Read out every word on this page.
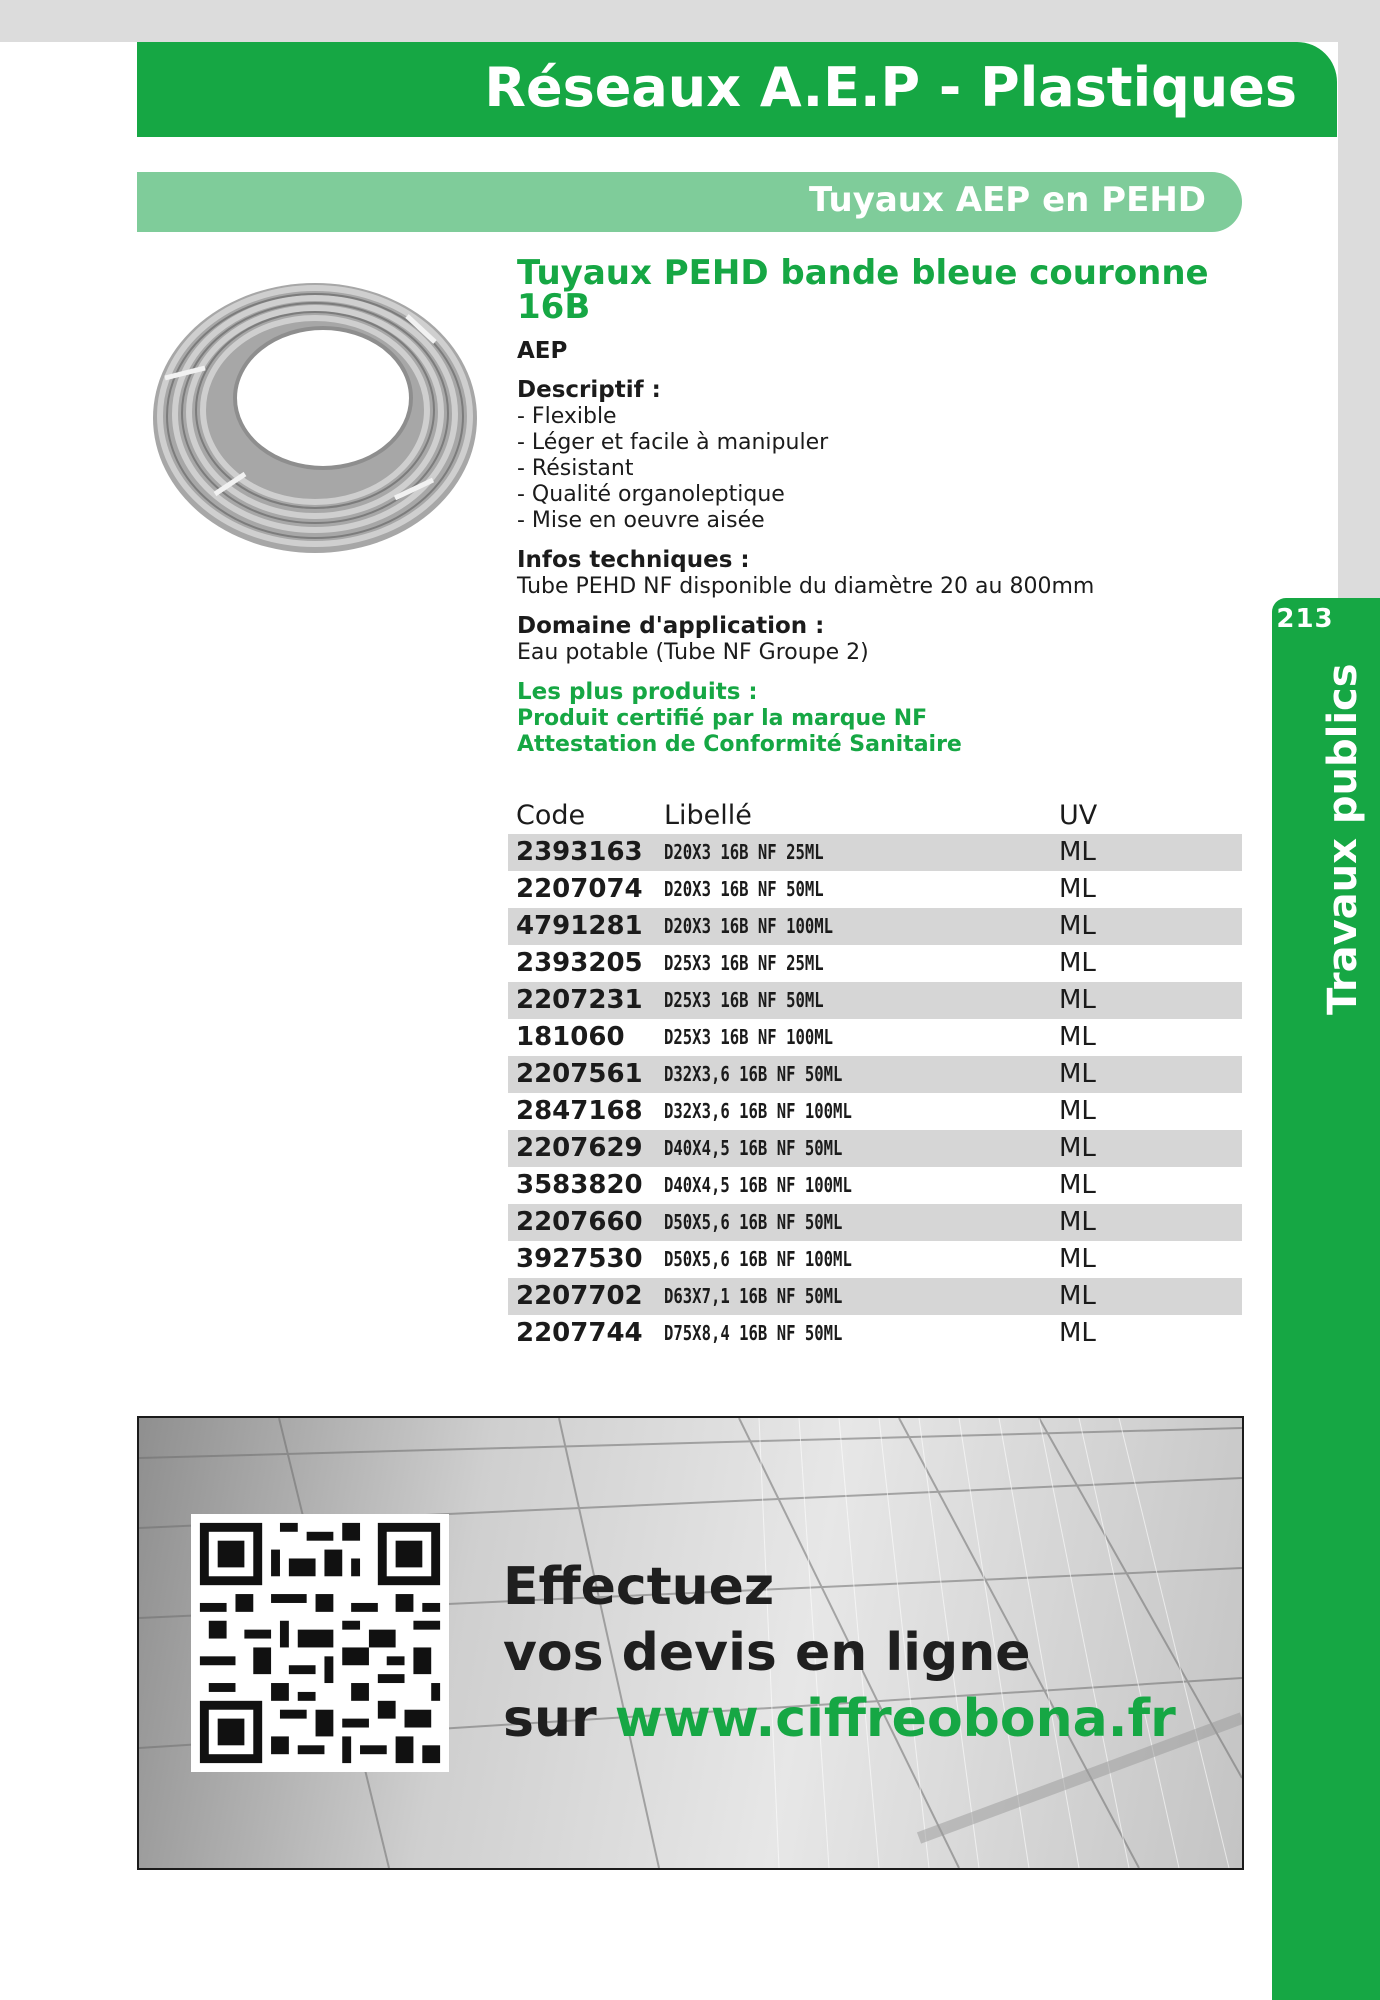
213
Travaux publics
Réseaux A.E.P - Plastiques
Tuyaux AEP en PEHD
Tuyaux PEHD bande bleue couronne 16B
AEP
Descriptif :
- Flexible
- Léger et facile à manipuler
- Résistant
- Qualité organoleptique
- Mise en oeuvre aisée
Infos techniques :
Tube PEHD NF disponible du diamètre 20 au 800mm
Domaine d'application :
Eau potable (Tube NF Groupe 2)
Les plus produits :
Produit certifié par la marque NF
Attestation de Conformité Sanitaire
Code	Libellé	UV
2393163 D20X3 16B NF 25ML	ML
2207074 D20X3 16B NF 50ML	ML
4791281 D20X3 16B NF 100ML	ML
2393205 D25X3 16B NF 25ML	ML
2207231 D25X3 16B NF 50ML	ML
181060 D25X3 16B NF 100ML	ML
2207561 D32X3,6 16B NF 50ML	ML
2847168 D32X3,6 16B NF 100ML	ML
2207629 D40X4,5 16B NF 50ML	ML
3583820 D40X4,5 16B NF 100ML	ML
2207660 D50X5,6 16B NF 50ML	ML
3927530 D50X5,6 16B NF 100ML	ML
2207702 D63X7,1 16B NF 50ML	ML
2207744 D75X8,4 16B NF 50ML	ML
Effectuez
vos devis en ligne
sur www.ciffreobona.fr
